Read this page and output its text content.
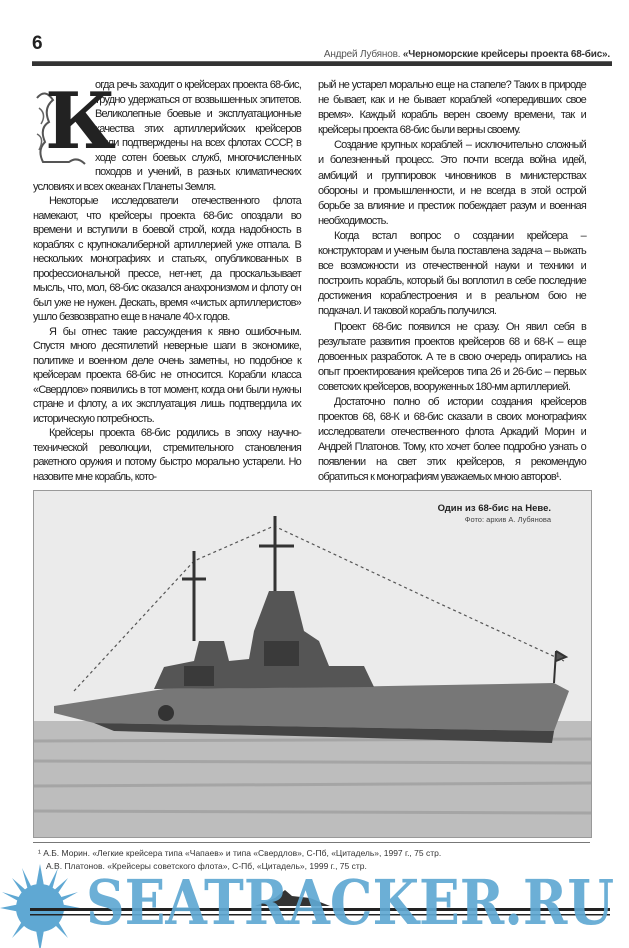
6
Андрей Лубянов. «Черноморские крейсеры проекта 68-бис».
К

огда речь заходит о крейсерах проекта 68-бис, трудно удержаться от возвышенных эпитетов. Великолепные боевые и эксплуатационные качества этих артиллерийских крейсеров были подтверждены на всех флотах СССР, в ходе сотен боевых служб, многочисленных походов и учений, в разных климатических условиях и всех океанах Планеты Земля.

Некоторые исследователи отечественного флота намекают, что крейсеры проекта 68-бис опоздали во времени и вступили в боевой строй, когда надобность в кораблях с крупнокалиберной артиллерией уже отпала. В нескольких монографиях и статьях, опубликованных в профессиональной прессе, нет-нет, да проскальзывает мысль, что, мол, 68-бис оказался анахронизмом и флоту он был уже не нужен. Дескать, время «чистых артиллеристов» ушло безвозвратно еще в начале 40-х годов.

Я бы отнес такие рассуждения к явно ошибочным. Спустя много десятилетий неверные шаги в экономике, политике и военном деле очень заметны, но подобное к крейсерам проекта 68-бис не относится. Корабли класса «Свердлов» появились в тот момент, когда они были нужны стране и флоту, а их эксплуатация лишь подтвердила их историческую потребность.

Крейсеры проекта 68-бис родились в эпоху научно-технической революции, стремительного становления ракетного оружия и потому быстро морально устарели. Но назовите мне корабль, кото-

рый не устарел морально еще на стапеле? Таких в природе не бывает, как и не бывает кораблей «опередивших свое время». Каждый корабль верен своему времени, так и крейсеры проекта 68-бис были верны своему.

Создание крупных кораблей – исключительно сложный и болезненный процесс. Это почти всегда война идей, амбиций и группировок чиновников в министерствах обороны и промышленности, и не всегда в этой острой борьбе за влияние и престиж побеждает разум и военная необходимость.

Когда встал вопрос о создании крейсера – конструкторам и ученым была поставлена задача – выжать все возможности из отечественной науки и техники и построить корабль, который бы воплотил в себе последние достижения кораблестроения и в реальном бою не подкачал. И таковой корабль получился.

Проект 68-бис появился не сразу. Он явил себя в результате развития проектов крейсеров 68 и 68-К – еще довоенных разработок. А те в свою очередь опирались на опыт проектирования крейсеров типа 26 и 26-бис – первых советских крейсеров, вооруженных 180-мм артиллерией.

Достаточно полно об истории создания крейсеров проектов 68, 68-К и 68-бис сказали в своих монографиях исследователи отечественного флота Аркадий Морин и Андрей Платонов. Тому, кто хочет более подробно узнать о появлении на свет этих крейсеров, я рекомендую обратиться к монографиям уважаемых мною авторов¹.

Один из 68-бис на Неве.
Фото: архив А. Лубянова
¹ А.Б. Морин. «Легкие крейсера типа «Чапаев» и типа «Свердлов», С-Пб, «Цитадель», 1997 г., 75 стр.
А.В. Платонов. «Крейсеры советского флота», С-Пб, «Цитадель», 1999 г., 75 стр.
SEATRACKER.RU
